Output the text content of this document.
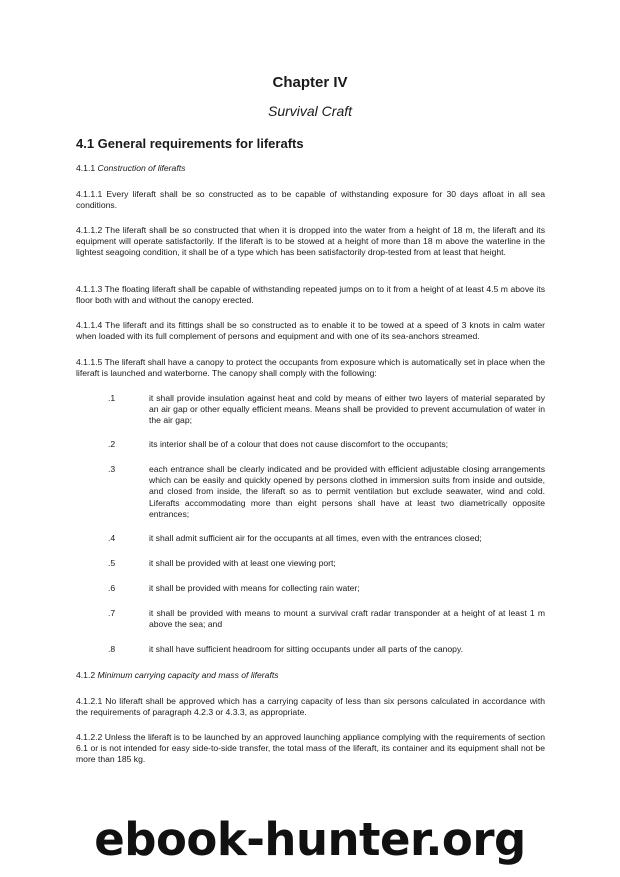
Chapter IV
Survival Craft
4.1 General requirements for liferafts

4.1.1 Construction of liferafts

4.1.1.1 Every liferaft shall be so constructed as to be capable of withstanding exposure for 30 days afloat in all sea conditions.

4.1.1.2 The liferaft shall be so constructed that when it is dropped into the water from a height of 18 m, the liferaft and its equipment will operate satisfactorily. If the liferaft is to be stowed at a height of more than 18 m above the waterline in the lightest seagoing condition, it shall be of a type which has been satisfactorily drop-tested from at least that height.

4.1.1.3 The floating liferaft shall be capable of withstanding repeated jumps on to it from a height of at least 4.5 m above its floor both with and without the canopy erected.

4.1.1.4 The liferaft and its fittings shall be so constructed as to enable it to be towed at a speed of 3 knots in calm water when loaded with its full complement of persons and equipment and with one of its sea-anchors streamed.

4.1.1.5 The liferaft shall have a canopy to protect the occupants from exposure which is automatically set in place when the liferaft is launched and waterborne. The canopy shall comply with the following:

.1	it shall provide insulation against heat and cold by means of either two layers of material separated by an air gap or other equally efficient means. Means shall be provided to prevent accumulation of water in the air gap;
.2	its interior shall be of a colour that does not cause discomfort to the occupants;
.3	each entrance shall be clearly indicated and be provided with efficient adjustable closing arrangements which can be easily and quickly opened by persons clothed in immersion suits from inside and outside, and closed from inside, the liferaft so as to permit ventilation but exclude seawater, wind and cold. Liferafts accommodating more than eight persons shall have at least two diametrically opposite entrances;
.4	it shall admit sufficient air for the occupants at all times, even with the entrances closed;
.5	it shall be provided with at least one viewing port;
.6	it shall be provided with means for collecting rain water;
.7	it shall be provided with means to mount a survival craft radar transponder at a height of at least 1 m above the sea; and
.8	it shall have sufficient headroom for sitting occupants under all parts of the canopy.

4.1.2 Minimum carrying capacity and mass of liferafts

4.1.2.1 No liferaft shall be approved which has a carrying capacity of less than six persons calculated in accordance with the requirements of paragraph 4.2.3 or 4.3.3, as appropriate.

4.1.2.2 Unless the liferaft is to be launched by an approved launching appliance complying with the requirements of section 6.1 or is not intended for easy side-to-side transfer, the total mass of the liferaft, its container and its equipment shall not be more than 185 kg.

ebook-hunter.org
